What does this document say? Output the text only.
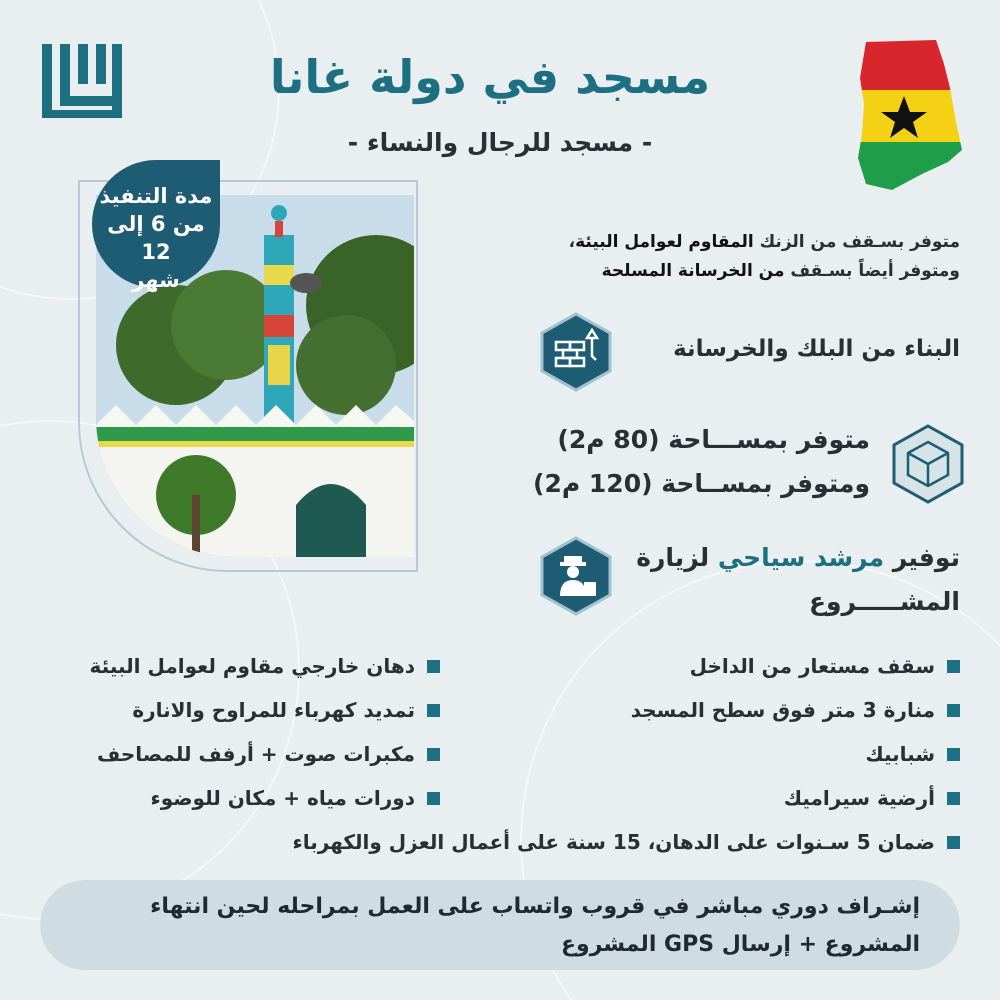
مسجد في دولة غانا
- مسجد للرجال والنساء -
مدة التنفيذ
من 6 إلى 12
شهر
متوفر بسـقف من الزنك المقاوم لعوامل البيئة،
ومتوفر أيضاً بسـقف من الخرسانة المسلحة
البناء من البلك والخرسانة
متوفر بمســـاحة (80 م2)
ومتوفر بمســاحة (120 م2)
توفير مرشد سياحي لزيارة
المشـــــروع
سقف مستعار من الداخل
منارة 3 متر فوق سطح المسجد
شبابيك
أرضية سيراميك
دهان خارجي مقاوم لعوامل البيئة
تمديد كهرباء للمراوح والانارة
مكبرات صوت + أرفف للمصاحف
دورات مياه + مكان للوضوء
ضمان 5 سـنوات على الدهان، 15 سنة على أعمال العزل والكهرباء
إشـراف دوري مباشر في قروب واتساب على العمل بمراحله لحين انتهاء
المشروع + إرسال GPS المشروع
